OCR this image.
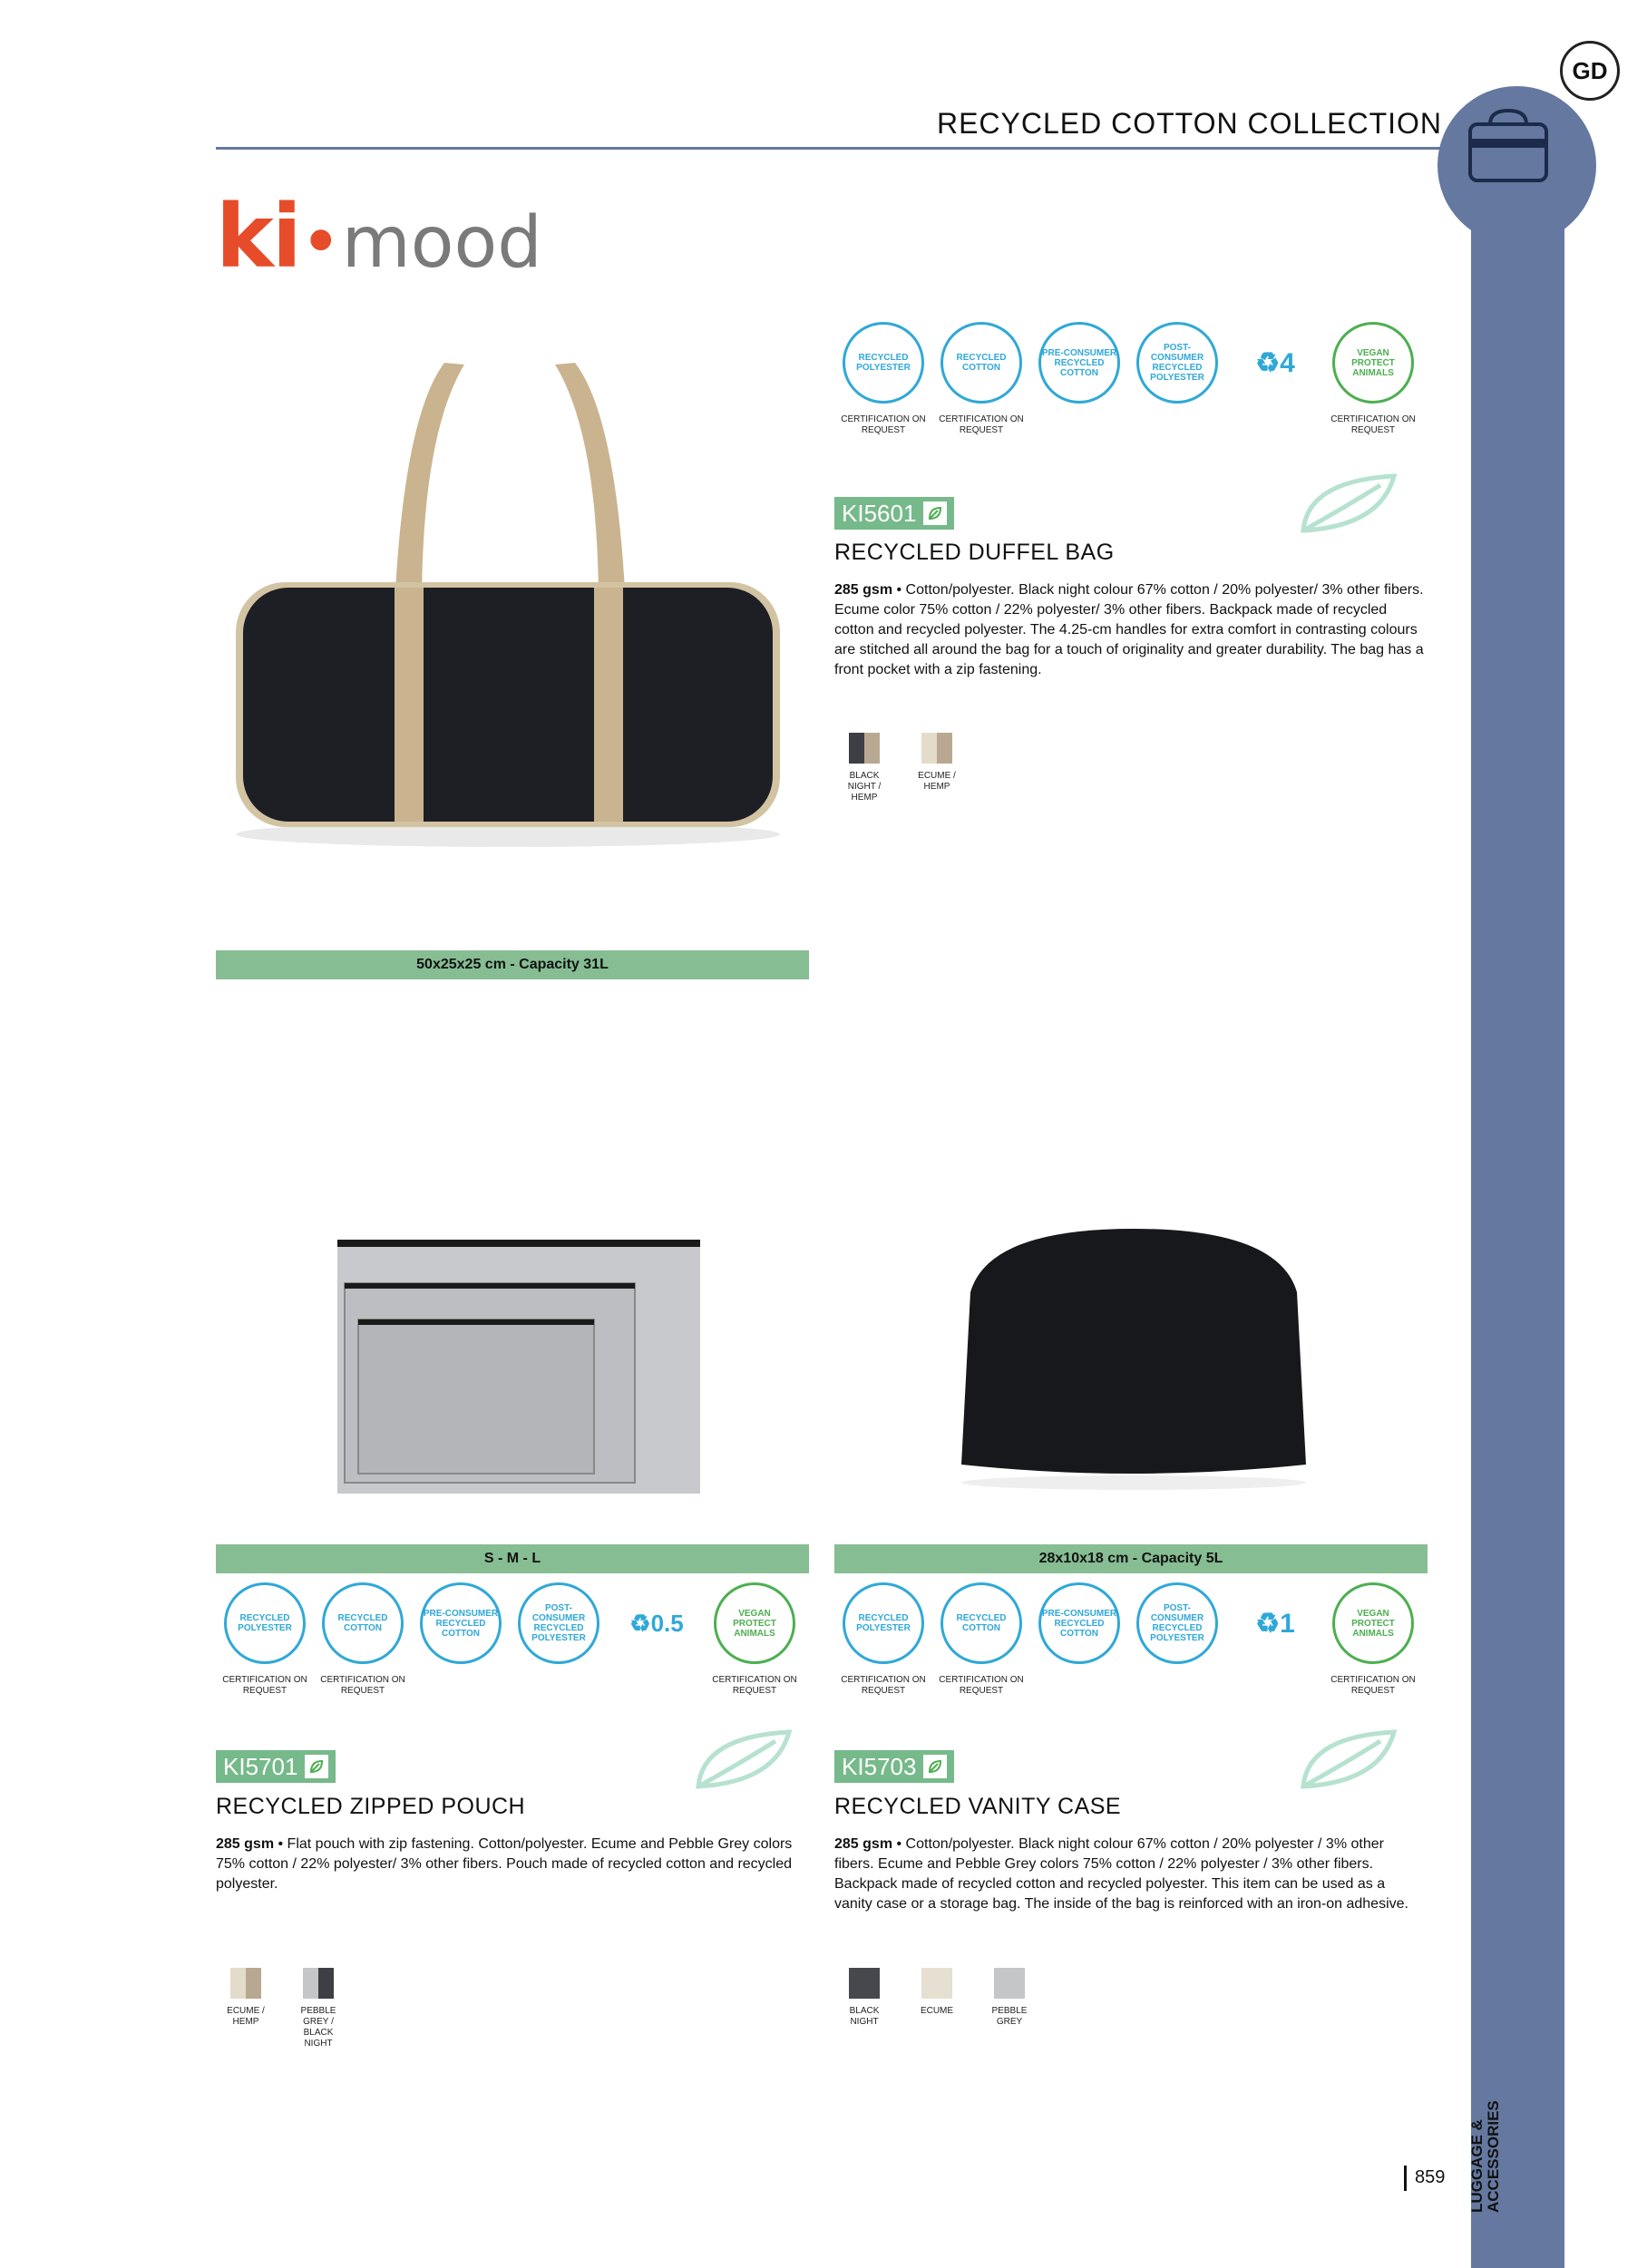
GD
LUGGAGE & ACCESSORIES
RECYCLED COTTON COLLECTION
ki•mood
RECYCLED POLYESTER
CERTIFICATION ON REQUEST
RECYCLED COTTON
CERTIFICATION ON REQUEST
PRE-CONSUMER RECYCLED COTTON
POST-CONSUMER RECYCLED POLYESTER	♻ 4	VEGAN PROTECT ANIMALS
CERTIFICATION ON REQUEST
KI5601
RECYCLED DUFFEL BAG
285 gsm • Cotton/polyester. Black night colour 67% cotton / 20% polyester/ 3% other fibers. Ecume color 75% cotton / 22% polyester/ 3% other fibers. Backpack made of recycled cotton and recycled polyester. The 4.25-cm handles for extra comfort in contrasting colours are stitched all around the bag for a touch of originality and greater durability. The bag has a front pocket with a zip fastening.
BLACK NIGHT / HEMP
ECUME / HEMP
50x25x25 cm - Capacity 31L
S - M - L	28x10x18 cm - Capacity 5L
RECYCLED POLYESTER
CERTIFICATION ON REQUEST
RECYCLED COTTON
CERTIFICATION ON REQUEST
PRE-CONSUMER RECYCLED COTTON
POST-CONSUMER RECYCLED POLYESTER
♻ 0.5	VEGAN PROTECT ANIMALS
CERTIFICATION ON REQUEST
RECYCLED POLYESTER
CERTIFICATION ON REQUEST
RECYCLED COTTON
CERTIFICATION ON REQUEST
PRE-CONSUMER RECYCLED COTTON
POST-CONSUMER RECYCLED POLYESTER	♻ 1	VEGAN PROTECT ANIMALS
CERTIFICATION ON REQUEST
KI5701
RECYCLED ZIPPED POUCH
285 gsm • Flat pouch with zip fastening. Cotton/polyester. Ecume and Pebble Grey colors 75% cotton / 22% polyester/ 3% other fibers. Pouch made of recycled cotton and recycled polyester.
ECUME / HEMP
PEBBLE GREY / BLACK NIGHT
KI5703
RECYCLED VANITY CASE
285 gsm • Cotton/polyester. Black night colour 67% cotton / 20% polyester / 3% other fibers. Ecume and Pebble Grey colors 75% cotton / 22% polyester / 3% other fibers. Backpack made of recycled cotton and recycled polyester. This item can be used as a vanity case or a storage bag. The inside of the bag is reinforced with an iron-on adhesive.
BLACK NIGHT
ECUME	PEBBLE GREY
859
